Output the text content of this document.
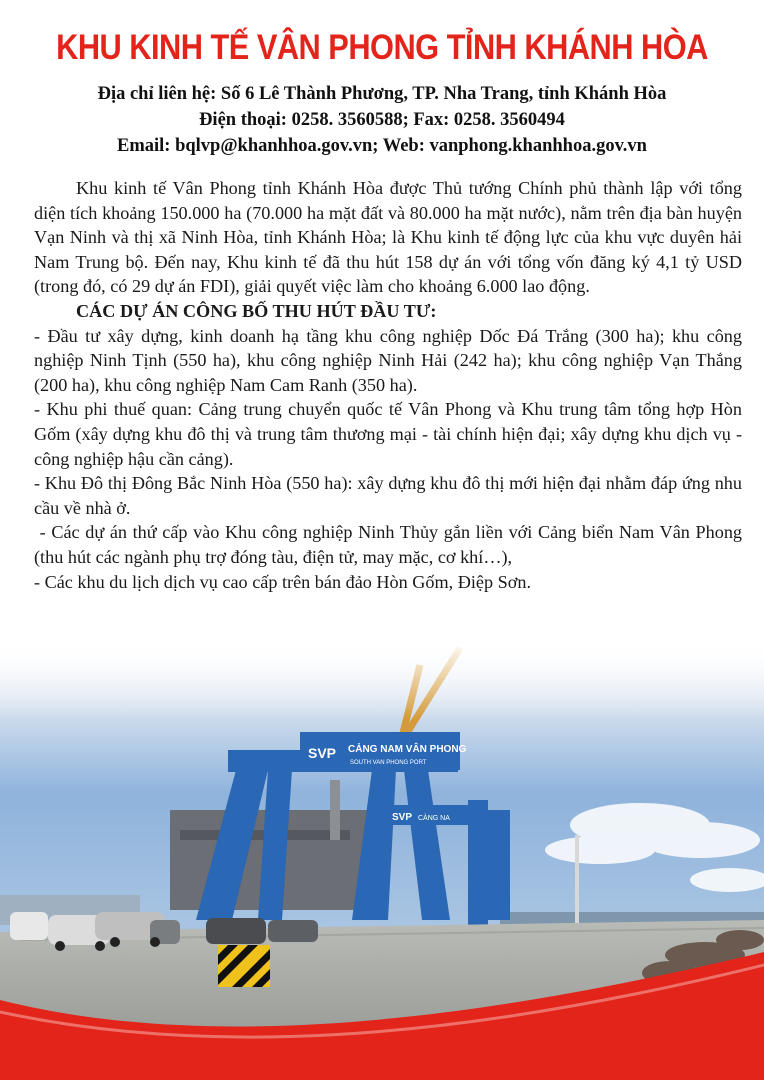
KHU KINH TẾ VÂN PHONG TỈNH KHÁNH HÒA
Địa chỉ liên hệ: Số 6 Lê Thành Phương, TP. Nha Trang, tỉnh Khánh Hòa
Điện thoại: 0258. 3560588; Fax: 0258. 3560494
Email: bqlvp@khanhhoa.gov.vn; Web: vanphong.khanhhoa.gov.vn

Khu kinh tế Vân Phong tỉnh Khánh Hòa được Thủ tướng Chính phủ thành lập với tổng diện tích khoảng 150.000 ha (70.000 ha mặt đất và 80.000 ha mặt nước), nằm trên địa bàn huyện Vạn Ninh và thị xã Ninh Hòa, tỉnh Khánh Hòa; là Khu kinh tế động lực của khu vực duyên hải Nam Trung bộ. Đến nay, Khu kinh tế đã thu hút 158 dự án với tổng vốn đăng ký 4,1 tỷ USD (trong đó, có 29 dự án FDI), giải quyết việc làm cho khoảng 6.000 lao động.

CÁC DỰ ÁN CÔNG BỐ THU HÚT ĐẦU TƯ:

- Đầu tư xây dựng, kinh doanh hạ tầng khu công nghiệp Dốc Đá Trắng (300 ha); khu công nghiệp Ninh Tịnh (550 ha), khu công nghiệp Ninh Hải (242 ha); khu công nghiệp Vạn Thắng (200 ha), khu công nghiệp Nam Cam Ranh (350 ha).

- Khu phi thuế quan: Cảng trung chuyển quốc tế Vân Phong và Khu trung tâm tổng hợp Hòn Gốm (xây dựng khu đô thị và trung tâm thương mại - tài chính hiện đại; xây dựng khu dịch vụ - công nghiệp hậu cần cảng).

- Khu Đô thị Đông Bắc Ninh Hòa (550 ha): xây dựng khu đô thị mới hiện đại nhằm đáp ứng nhu cầu về nhà ở.

- Các dự án thứ cấp vào Khu công nghiệp Ninh Thủy gắn liền với Cảng biển Nam Vân Phong (thu hút các ngành phụ trợ đóng tàu, điện tử, may mặc, cơ khí…),

- Các khu du lịch dịch vụ cao cấp trên bán đảo Hòn Gốm, Điệp Sơn.

SVP CẢNG NAM VÂN PHONG
SOUTH VAN PHONG PORT
SVP CẢNG NA
